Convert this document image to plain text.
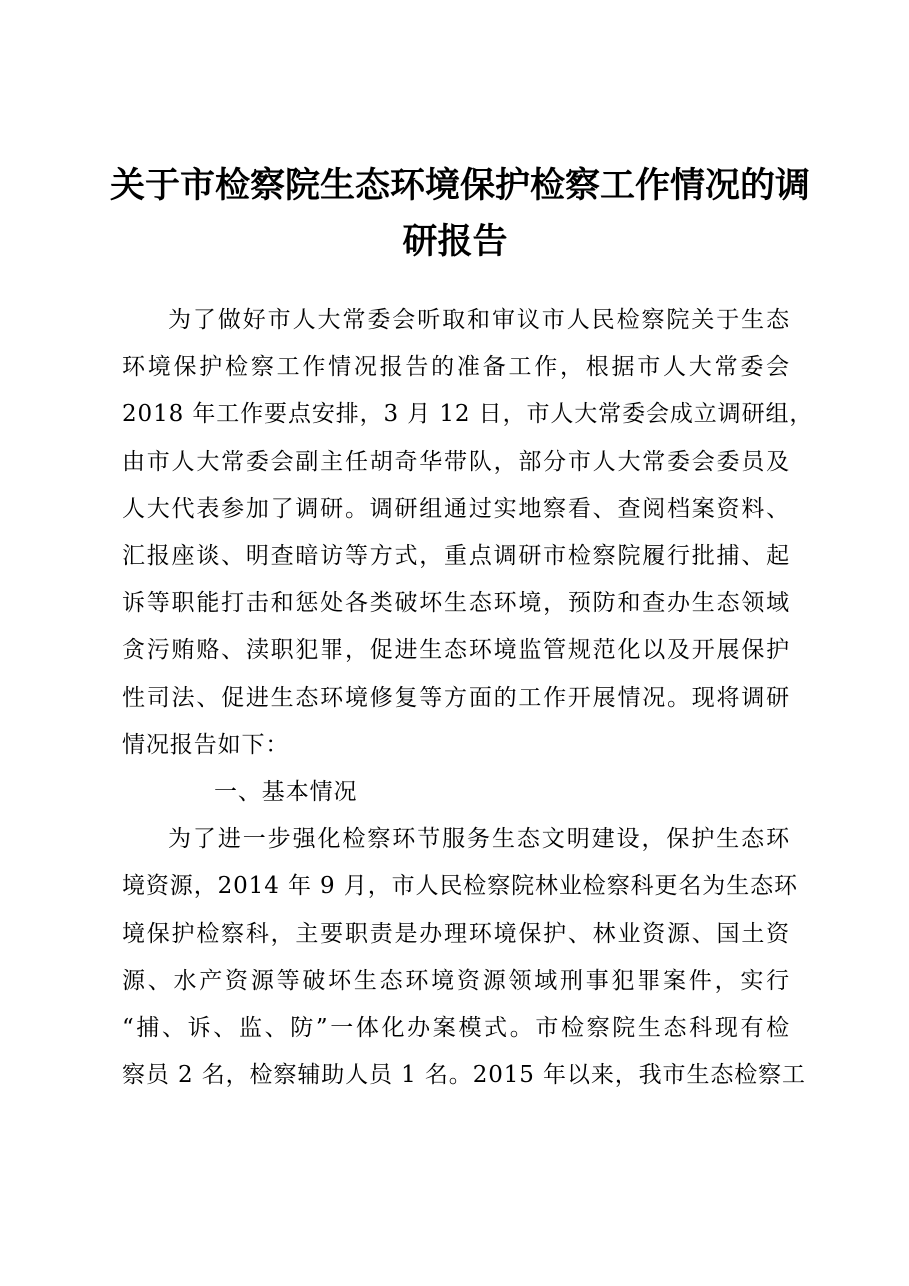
关于市检察院生态环境保护检察工作情况的调
研报告
为了做好市人大常委会听取和审议市人民检察院关于生态
环境保护检察工作情况报告的准备工作，根据市人大常委会
2018 年工作要点安排，3 月 12 日，市人大常委会成立调研组，
由市人大常委会副主任胡奇华带队，部分市人大常委会委员及
人大代表参加了调研。调研组通过实地察看、查阅档案资料、
汇报座谈、明查暗访等方式，重点调研市检察院履行批捕、起
诉等职能打击和惩处各类破坏生态环境，预防和查办生态领域
贪污贿赂、渎职犯罪，促进生态环境监管规范化以及开展保护
性司法、促进生态环境修复等方面的工作开展情况。现将调研
情况报告如下：
一、基本情况
为了进一步强化检察环节服务生态文明建设，保护生态环
境资源，2014 年 9 月，市人民检察院林业检察科更名为生态环
境保护检察科，主要职责是办理环境保护、林业资源、国土资
源、水产资源等破坏生态环境资源领域刑事犯罪案件，实行
“捕、诉、监、防”一体化办案模式。市检察院生态科现有检
察员 2 名，检察辅助人员 1 名。2015 年以来，我市生态检察工
